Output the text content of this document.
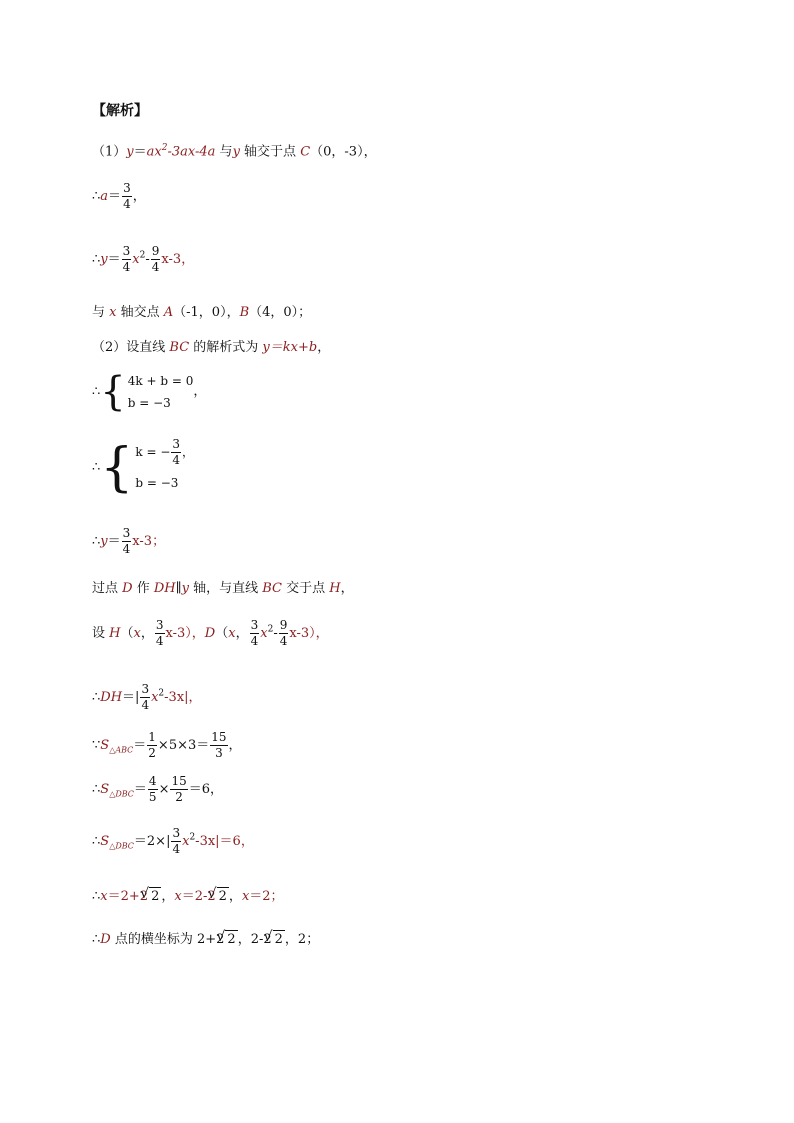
【解析】
$(1)y=ax^2-3ax-4a$ 与y 轴交于点 C（0，-3），
∴a＝ $\frac{3}{4}$ ，
∴y＝ $\frac{3}{4} x^2- \frac{9}{4} x-3$，
与 x 轴交点 A（-1，0），B（4，0）；
（2）设直线 BC 的解析式为 y＝kx+b，
∴{ 4k + b = 0
b = −3
，
∴{ k = − $\frac{3}{4}$ ，
b = −3
∴y＝ $\frac{3}{4} x-3$；
过点 D 作 DH∥y 轴，与直线 BC 交于点 H，
设 H（x， $\frac{3}{4} x-3$），D（x， $\frac{3}{4} x^2- \frac{9}{4} x-3$），
∴DH＝| $\frac{3}{4} x^2-3x|$，
$\because S_{\triangle ABC}= \frac{1}{2} \times 5\times 3= \frac{15}{3}$ ，
$\therefore S_{\triangle DBC}= \frac{4}{5} \times \frac{15}{2} =6$，
$\therefore S_{\triangle DBC}=2\times| \frac{3}{4} x^2-3x|=6$，
∴x＝2+2 √ 2 ，x＝2-2 √ 2 ，x＝2；
∴D 点的横坐标为 2+2 √ 2 ，2-2 √ 2 ，2；
